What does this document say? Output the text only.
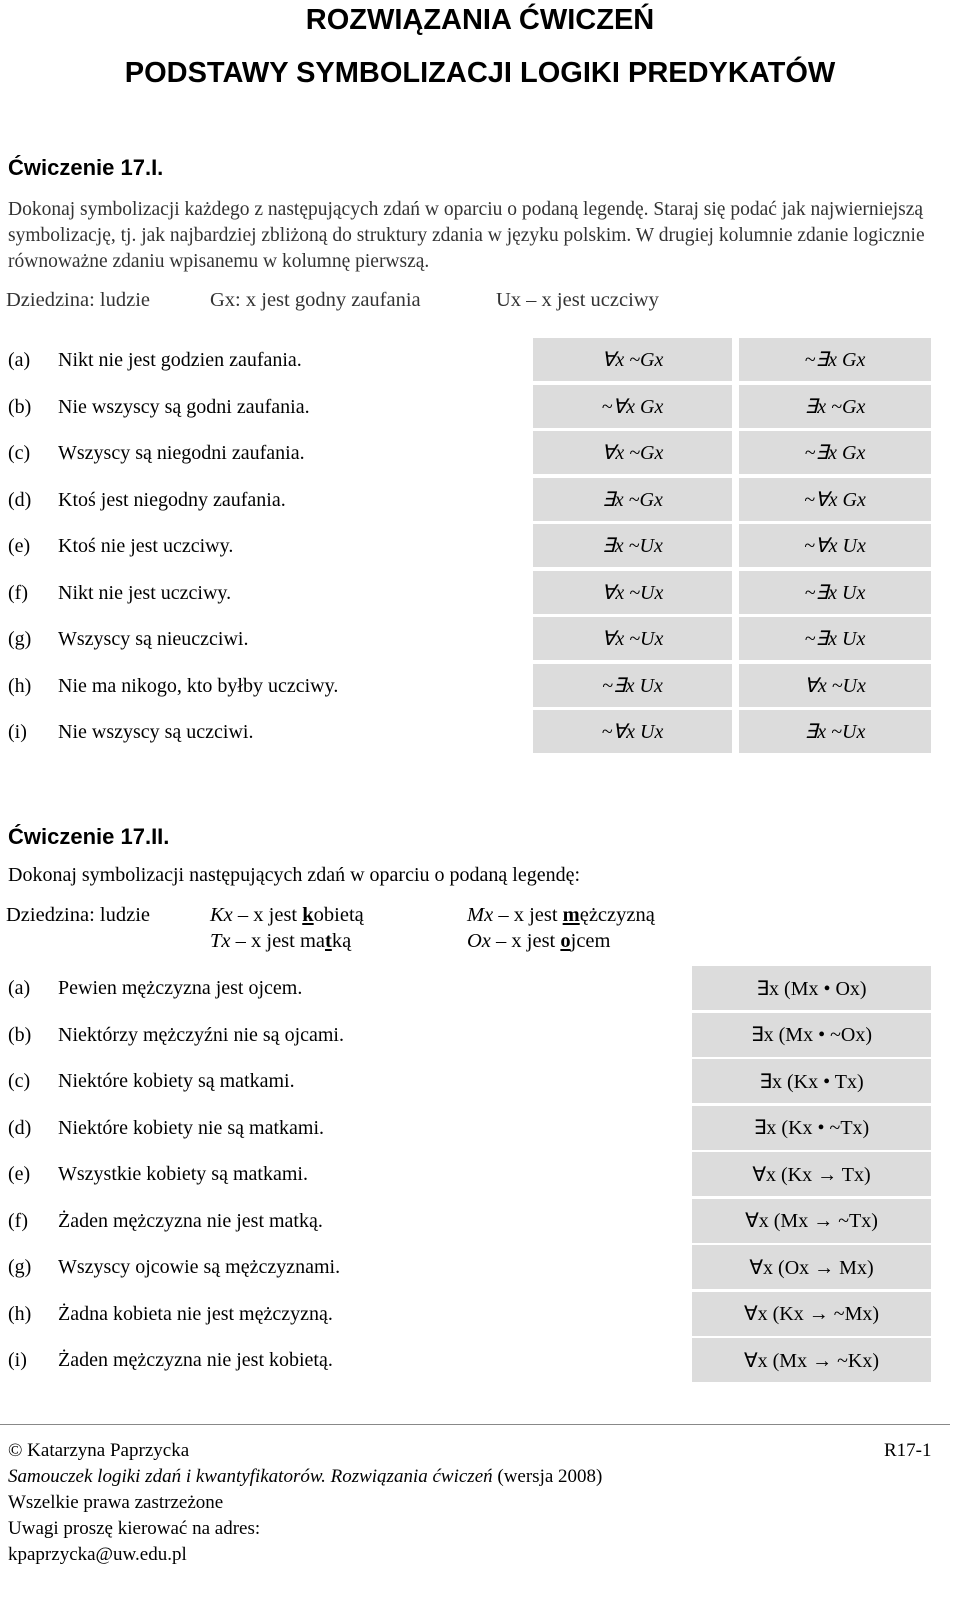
ROZWIĄZANIA ĆWICZEŃ
PODSTAWY SYMBOLIZACJI LOGIKI PREDYKATÓW
Ćwiczenie 17.I.
Dokonaj symbolizacji każdego z następujących zdań w oparciu o podaną legendę. Staraj się podać jak najwierniejszą symbolizację, tj. jak najbardziej zbliżoną do struktury zdania w języku polskim. W drugiej kolumnie zdanie logicznie równoważne zdaniu wpisanemu w kolumnę pierwszą.
Dziedzina: ludzie	Gx: x jest godny zaufania	Ux – x jest uczciwy
(a) Nikt nie jest godzien zaufania.	∀x ~Gx	~∃x Gx
(b) Nie wszyscy są godni zaufania.	~∀x Gx	∃x ~Gx
(c) Wszyscy są niegodni zaufania.	∀x ~Gx	~∃x Gx
(d) Ktoś jest niegodny zaufania.	∃x ~Gx	~∀x Gx
(e) Ktoś nie jest uczciwy.	∃x ~Ux	~∀x Ux
(f) Nikt nie jest uczciwy.	∀x ~Ux	~∃x Ux
(g) Wszyscy są nieuczciwi.	∀x ~Ux	~∃x Ux
(h) Nie ma nikogo, kto byłby uczciwy.	~∃x Ux	∀x ~Ux
(i) Nie wszyscy są uczciwi.	~∀x Ux	∃x ~Ux
Ćwiczenie 17.II.
Dokonaj symbolizacji następujących zdań w oparciu o podaną legendę:
Dziedzina: ludzie	Kx – x jest kobietą	Mx – x jest mężczyzną
Tx – x jest matką	Ox – x jest ojcem
(a) Pewien mężczyzna jest ojcem.	∃x (Mx • Ox)
(b) Niektórzy mężczyźni nie są ojcami.	∃x (Mx • ~Ox)
(c) Niektóre kobiety są matkami.	∃x (Kx • Tx)
(d) Niektóre kobiety nie są matkami.	∃x (Kx • ~Tx)
(e) Wszystkie kobiety są matkami.	∀x (Kx → Tx)
(f) Żaden mężczyzna nie jest matką.	∀x (Mx → ~Tx)
(g) Wszyscy ojcowie są mężczyznami.	∀x (Ox → Mx)
(h) Żadna kobieta nie jest mężczyzną.	∀x (Kx → ~Mx)
(i) Żaden mężczyzna nie jest kobietą.	∀x (Mx → ~Kx)
© Katarzyna Paprzycka	R17-1
Samouczek logiki zdań i kwantyfikatorów. Rozwiązania ćwiczeń (wersja 2008)
Wszelkie prawa zastrzeżone
Uwagi proszę kierować na adres:
kpaprzycka@uw.edu.pl
